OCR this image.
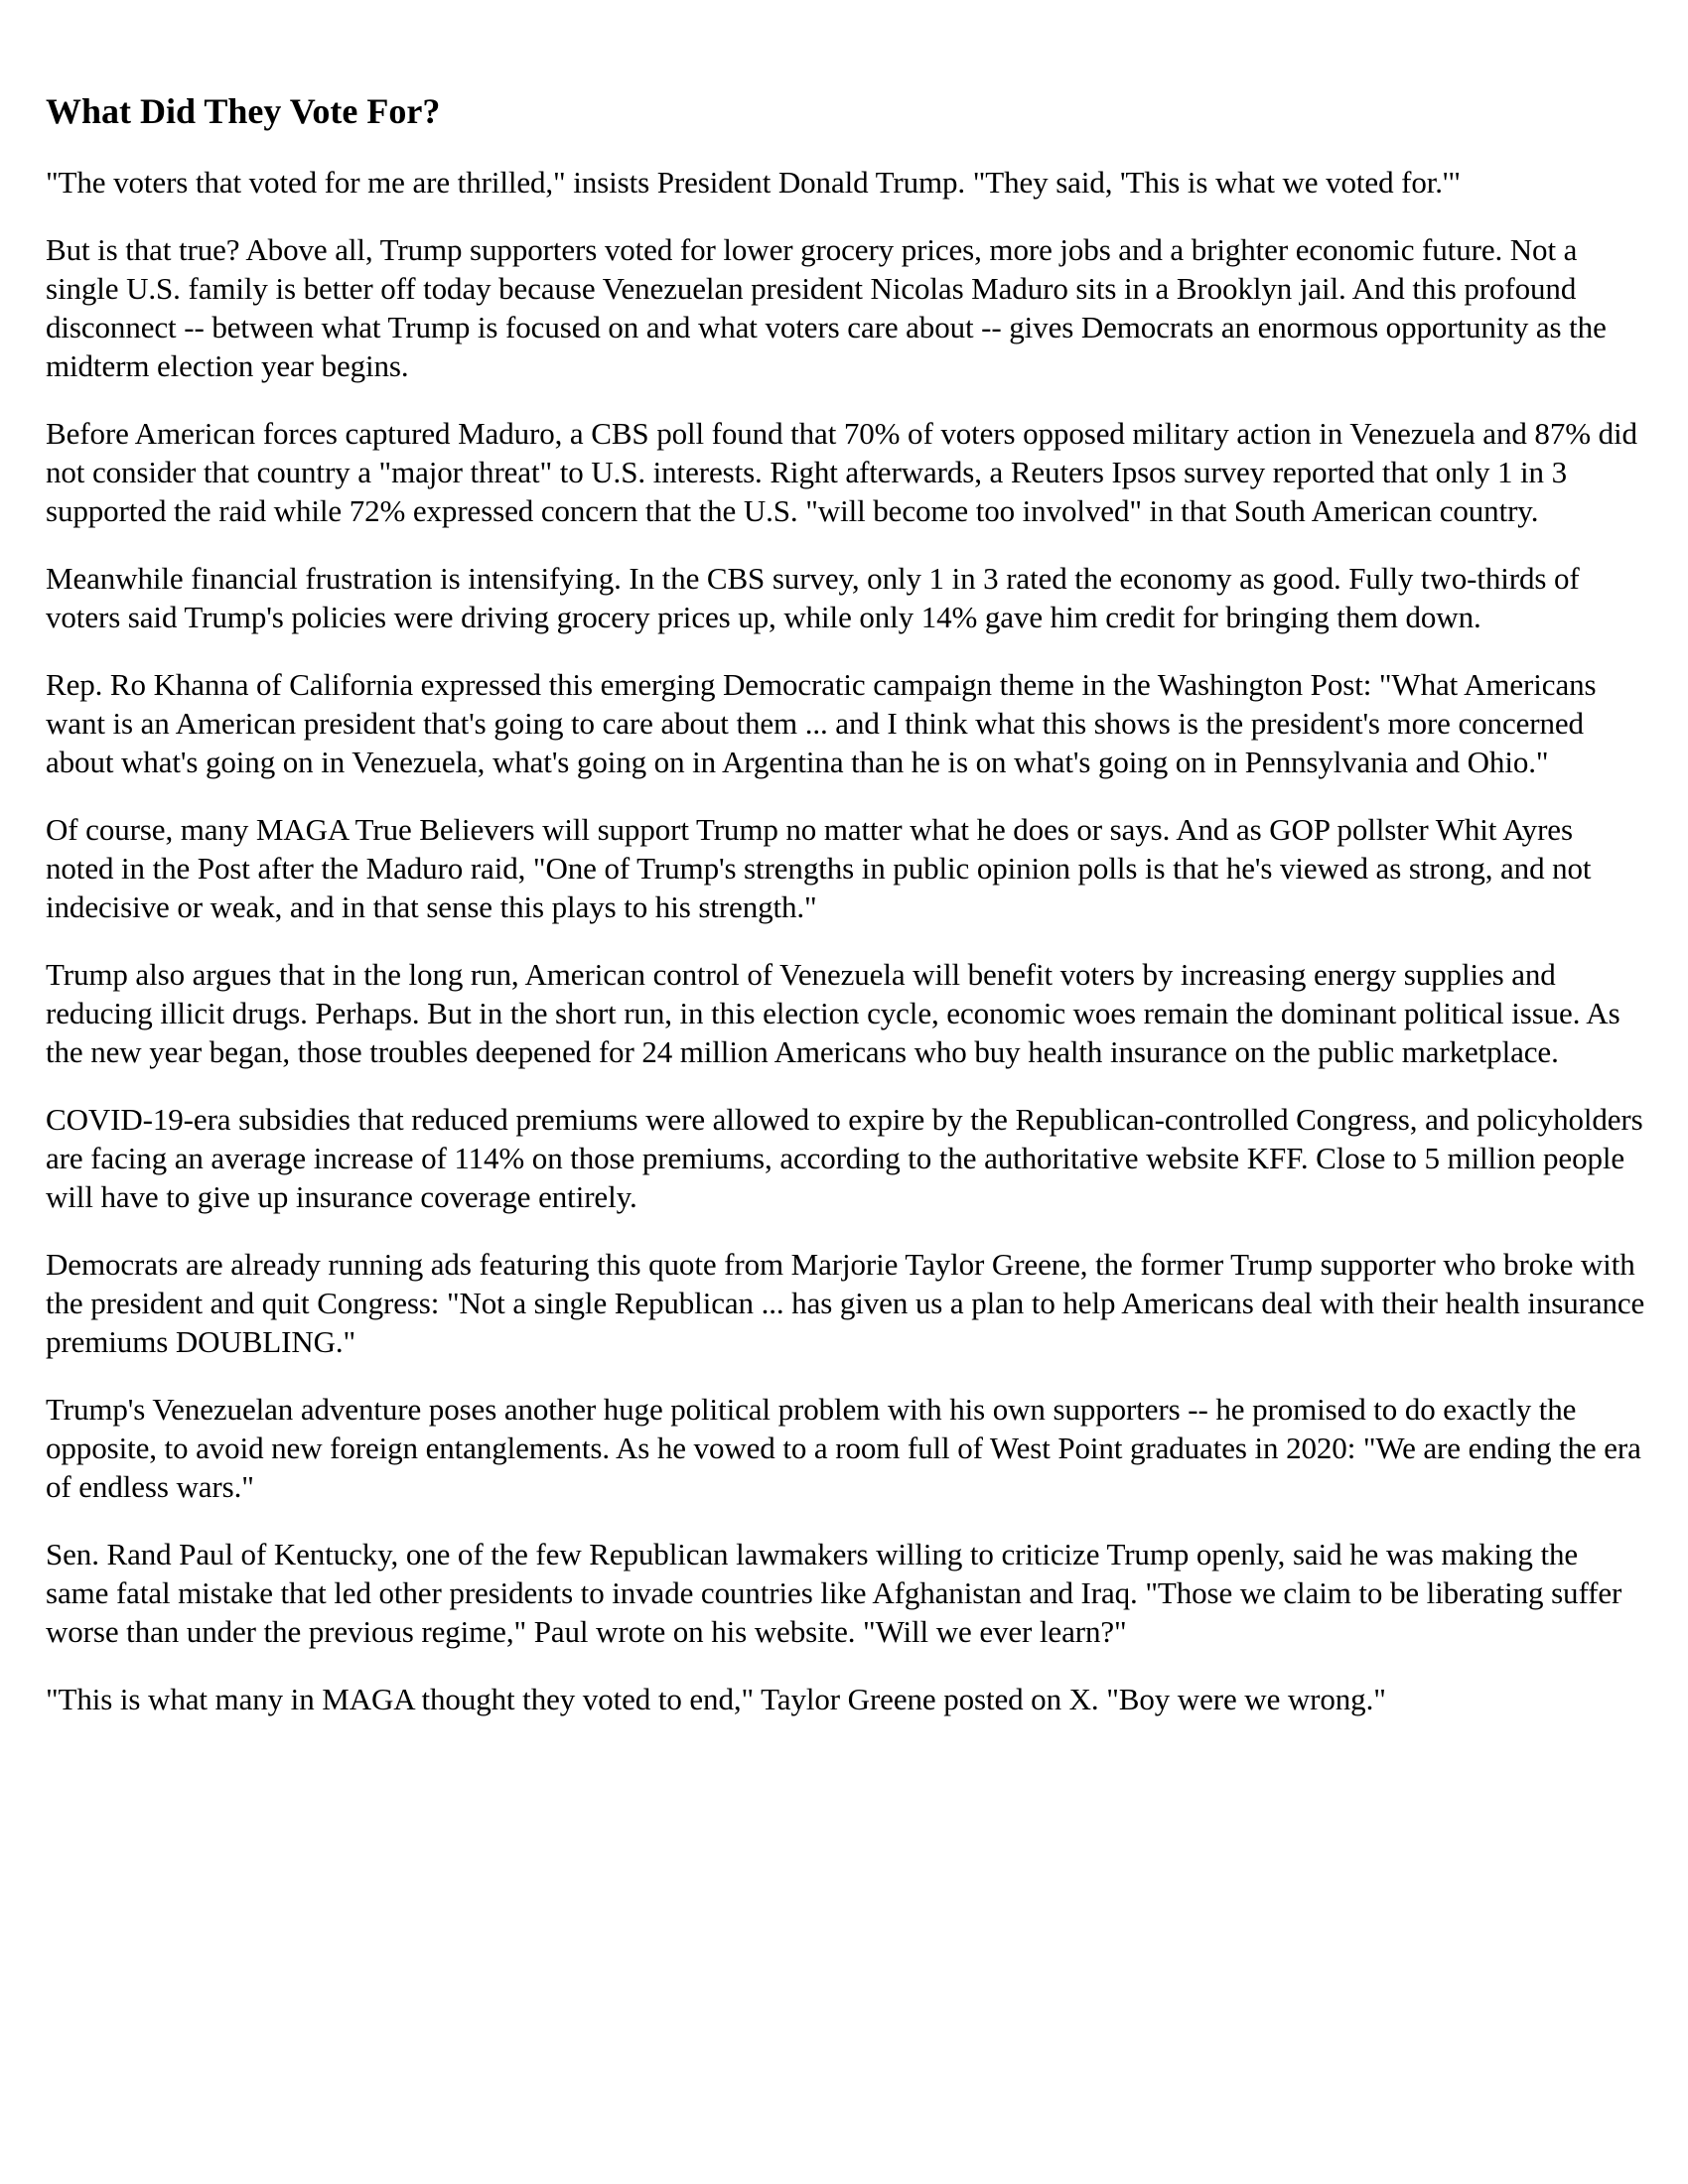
What Did They Vote For?

"The voters that voted for me are thrilled," insists President Donald Trump. "They said, 'This is what we voted for.'"

But is that true? Above all, Trump supporters voted for lower grocery prices, more jobs and a brighter economic future. Not a single U.S. family is better off today because Venezuelan president Nicolas Maduro sits in a Brooklyn jail. And this profound disconnect -- between what Trump is focused on and what voters care about -- gives Democrats an enormous opportunity as the midterm election year begins.

Before American forces captured Maduro, a CBS poll found that 70% of voters opposed military action in Venezuela and 87% did not consider that country a "major threat" to U.S. interests. Right afterwards, a Reuters Ipsos survey reported that only 1 in 3 supported the raid while 72% expressed concern that the U.S. "will become too involved" in that South American country.

Meanwhile financial frustration is intensifying. In the CBS survey, only 1 in 3 rated the economy as good. Fully two-thirds of voters said Trump's policies were driving grocery prices up, while only 14% gave him credit for bringing them down.

Rep. Ro Khanna of California expressed this emerging Democratic campaign theme in the Washington Post: "What Americans want is an American president that's going to care about them ... and I think what this shows is the president's more concerned about what's going on in Venezuela, what's going on in Argentina than he is on what's going on in Pennsylvania and Ohio."

Of course, many MAGA True Believers will support Trump no matter what he does or says. And as GOP pollster Whit Ayres noted in the Post after the Maduro raid, "One of Trump's strengths in public opinion polls is that he's viewed as strong, and not indecisive or weak, and in that sense this plays to his strength."

Trump also argues that in the long run, American control of Venezuela will benefit voters by increasing energy supplies and reducing illicit drugs. Perhaps. But in the short run, in this election cycle, economic woes remain the dominant political issue. As the new year began, those troubles deepened for 24 million Americans who buy health insurance on the public marketplace.

COVID-19-era subsidies that reduced premiums were allowed to expire by the Republican-controlled Congress, and policyholders are facing an average increase of 114% on those premiums, according to the authoritative website KFF. Close to 5 million people will have to give up insurance coverage entirely.

Democrats are already running ads featuring this quote from Marjorie Taylor Greene, the former Trump supporter who broke with the president and quit Congress: "Not a single Republican ... has given us a plan to help Americans deal with their health insurance premiums DOUBLING."

Trump's Venezuelan adventure poses another huge political problem with his own supporters -- he promised to do exactly the opposite, to avoid new foreign entanglements. As he vowed to a room full of West Point graduates in 2020: "We are ending the era of endless wars."

Sen. Rand Paul of Kentucky, one of the few Republican lawmakers willing to criticize Trump openly, said he was making the same fatal mistake that led other presidents to invade countries like Afghanistan and Iraq. "Those we claim to be liberating suffer worse than under the previous regime," Paul wrote on his website. "Will we ever learn?"

"This is what many in MAGA thought they voted to end," Taylor Greene posted on X. "Boy were we wrong."
